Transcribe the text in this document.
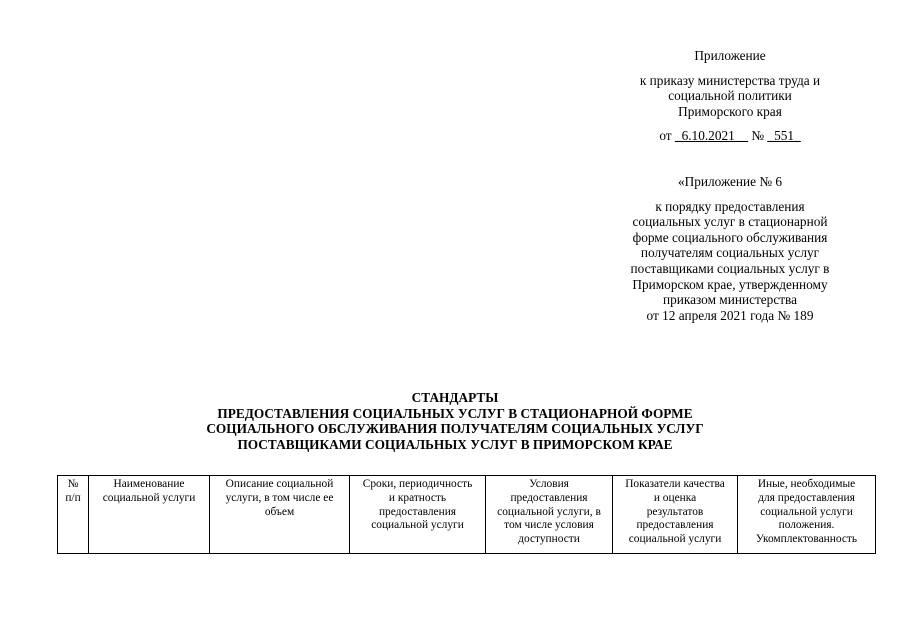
Приложение
к приказу министерства труда и
социальной политики
Приморского края
от _6.10.2021__ № _551_
«Приложение № 6
к порядку предоставления
социальных услуг в стационарной
форме социального обслуживания
получателям социальных услуг
поставщиками социальных услуг в
Приморском крае, утвержденному
приказом министерства
от 12 апреля 2021 года № 189
СТАНДАРТЫ
ПРЕДОСТАВЛЕНИЯ СОЦИАЛЬНЫХ УСЛУГ В СТАЦИОНАРНОЙ ФОРМЕ
СОЦИАЛЬНОГО ОБСЛУЖИВАНИЯ ПОЛУЧАТЕЛЯМ СОЦИАЛЬНЫХ УСЛУГ
ПОСТАВЩИКАМИ СОЦИАЛЬНЫХ УСЛУГ В ПРИМОРСКОМ КРАЕ
№
п/п

Наименование
социальной услуги

Описание социальной
услуги, в том числе ее
объем

Сроки, периодичность
и кратность
предоставления
социальной услуги

Условия
предоставления
социальной услуги, в
том числе условия
доступности

Показатели качества
и оценка
результатов
предоставления
социальной услуги

Иные, необходимые
для предоставления
социальной услуги
положения.
Укомплектованность
